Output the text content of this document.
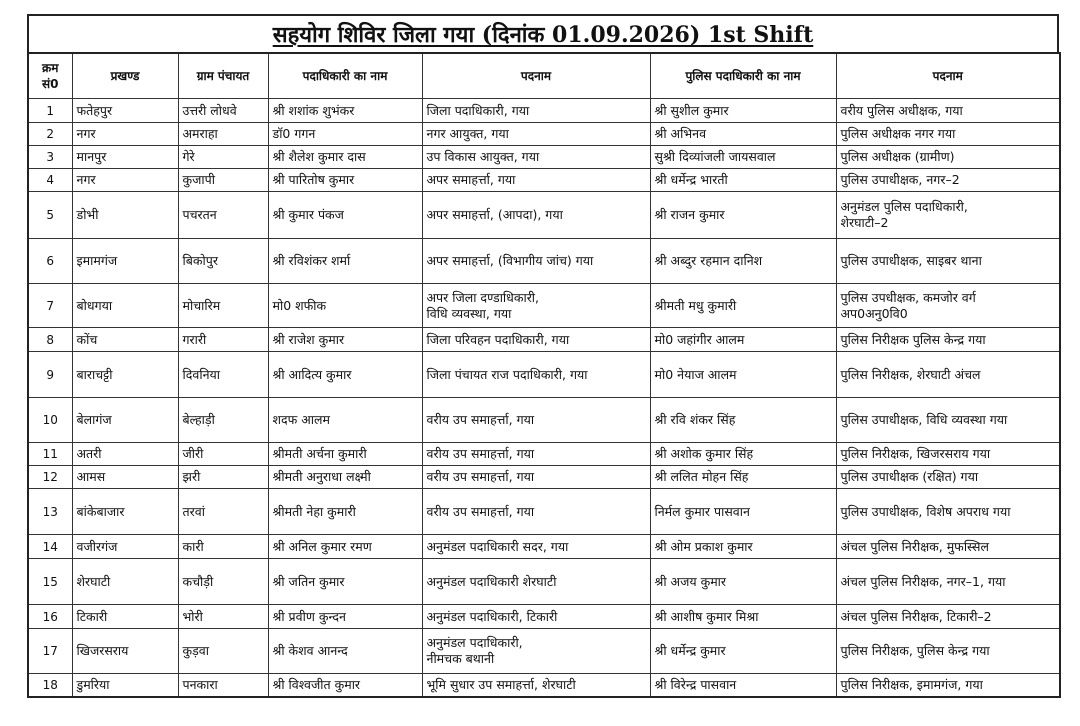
सहयोग शिविर जिला गया (दिनांक 01.09.2026) 1st Shift
क्रम सं0	प्रखण्ड	ग्राम पंचायत	पदाधिकारी का नाम	पदनाम	पुलिस पदाधिकारी का नाम	पदनाम
1	फतेहपुर	उत्तरी लोधवे	श्री शशांक शुभंकर	जिला पदाधिकारी, गया	श्री सुशील कुमार	वरीय पुलिस अधीक्षक, गया
2	नगर	अमराहा	डॉ0 गगन	नगर आयुक्त, गया	श्री अभिनव	पुलिस अधीक्षक नगर गया
3	मानपुर	गेरे	श्री शैलेश कुमार दास	उप विकास आयुक्त, गया	सुश्री दिव्यांजली जायसवाल	पुलिस अधीक्षक (ग्रामीण)
4	नगर	कुजापी	श्री पारितोष कुमार	अपर समाहर्त्ता, गया	श्री धर्मेन्द्र भारती	पुलिस उपाधीक्षक, नगर–2
5	डोभी	पचरतन	श्री कुमार पंकज	अपर समाहर्त्ता, (आपदा), गया	श्री राजन कुमार	अनुमंडल पुलिस पदाधिकारी,
शेरघाटी–2
6	इमामगंज	बिकोपुर	श्री रविशंकर शर्मा	अपर समाहर्त्ता, (विभागीय जांच) गया	श्री अब्दुर रहमान दानिश	पुलिस उपाधीक्षक, साइबर थाना
7	बोधगया	मोचारिम	मो0 शफीक	अपर जिला दण्डाधिकारी,
विधि व्यवस्था, गया	श्रीमती मधु कुमारी	पुलिस उपधीक्षक, कमजोर वर्ग
अप0अनु0वि0
8	कोंच	गरारी	श्री राजेश कुमार	जिला परिवहन पदाधिकारी, गया	मो0 जहांगीर आलम	पुलिस निरीक्षक पुलिस केन्द्र गया
9	बाराचट्टी	दिवनिया	श्री आदित्य कुमार	जिला पंचायत राज पदाधिकारी, गया	मो0 नेयाज आलम	पुलिस निरीक्षक, शेरघाटी अंचल
10	बेलागंज	बेल्हाड़ी	शदफ आलम	वरीय उप समाहर्त्ता, गया	श्री रवि शंकर सिंह	पुलिस उपाधीक्षक, विधि व्यवस्था गया
11	अतरी	जीरी	श्रीमती अर्चना कुमारी	वरीय उप समाहर्त्ता, गया	श्री अशोक कुमार सिंह	पुलिस निरीक्षक, खिजरसराय गया
12	आमस	झरी	श्रीमती अनुराधा लक्ष्मी	वरीय उप समाहर्त्ता, गया	श्री ललित मोहन सिंह	पुलिस उपाधीक्षक (रक्षित) गया
13	बांकेबाजार	तरवां	श्रीमती नेहा कुमारी	वरीय उप समाहर्त्ता, गया	निर्मल कुमार पासवान	पुलिस उपाधीक्षक, विशेष अपराध गया
14	वजीरगंज	कारी	श्री अनिल कुमार रमण	अनुमंडल पदाधिकारी सदर, गया	श्री ओम प्रकाश कुमार	अंचल पुलिस निरीक्षक, मुफस्सिल
15	शेरघाटी	कचौड़ी	श्री जतिन कुमार	अनुमंडल पदाधिकारी शेरघाटी	श्री अजय कुमार	अंचल पुलिस निरीक्षक, नगर–1, गया
16	टिकारी	भोरी	श्री प्रवीण कुन्दन	अनुमंडल पदाधिकारी, टिकारी	श्री आशीष कुमार मिश्रा	अंचल पुलिस निरीक्षक, टिकारी–2
17	खिजरसराय	कुड़वा	श्री केशव आनन्द	अनुमंडल पदाधिकारी,
नीमचक बथानी	श्री धर्मेन्द्र कुमार	पुलिस निरीक्षक, पुलिस केन्द्र गया
18	डुमरिया	पनकारा	श्री विश्वजीत कुमार	भूमि सुधार उप समाहर्त्ता, शेरघाटी	श्री विरेन्द्र पासवान	पुलिस निरीक्षक, इमामगंज, गया
